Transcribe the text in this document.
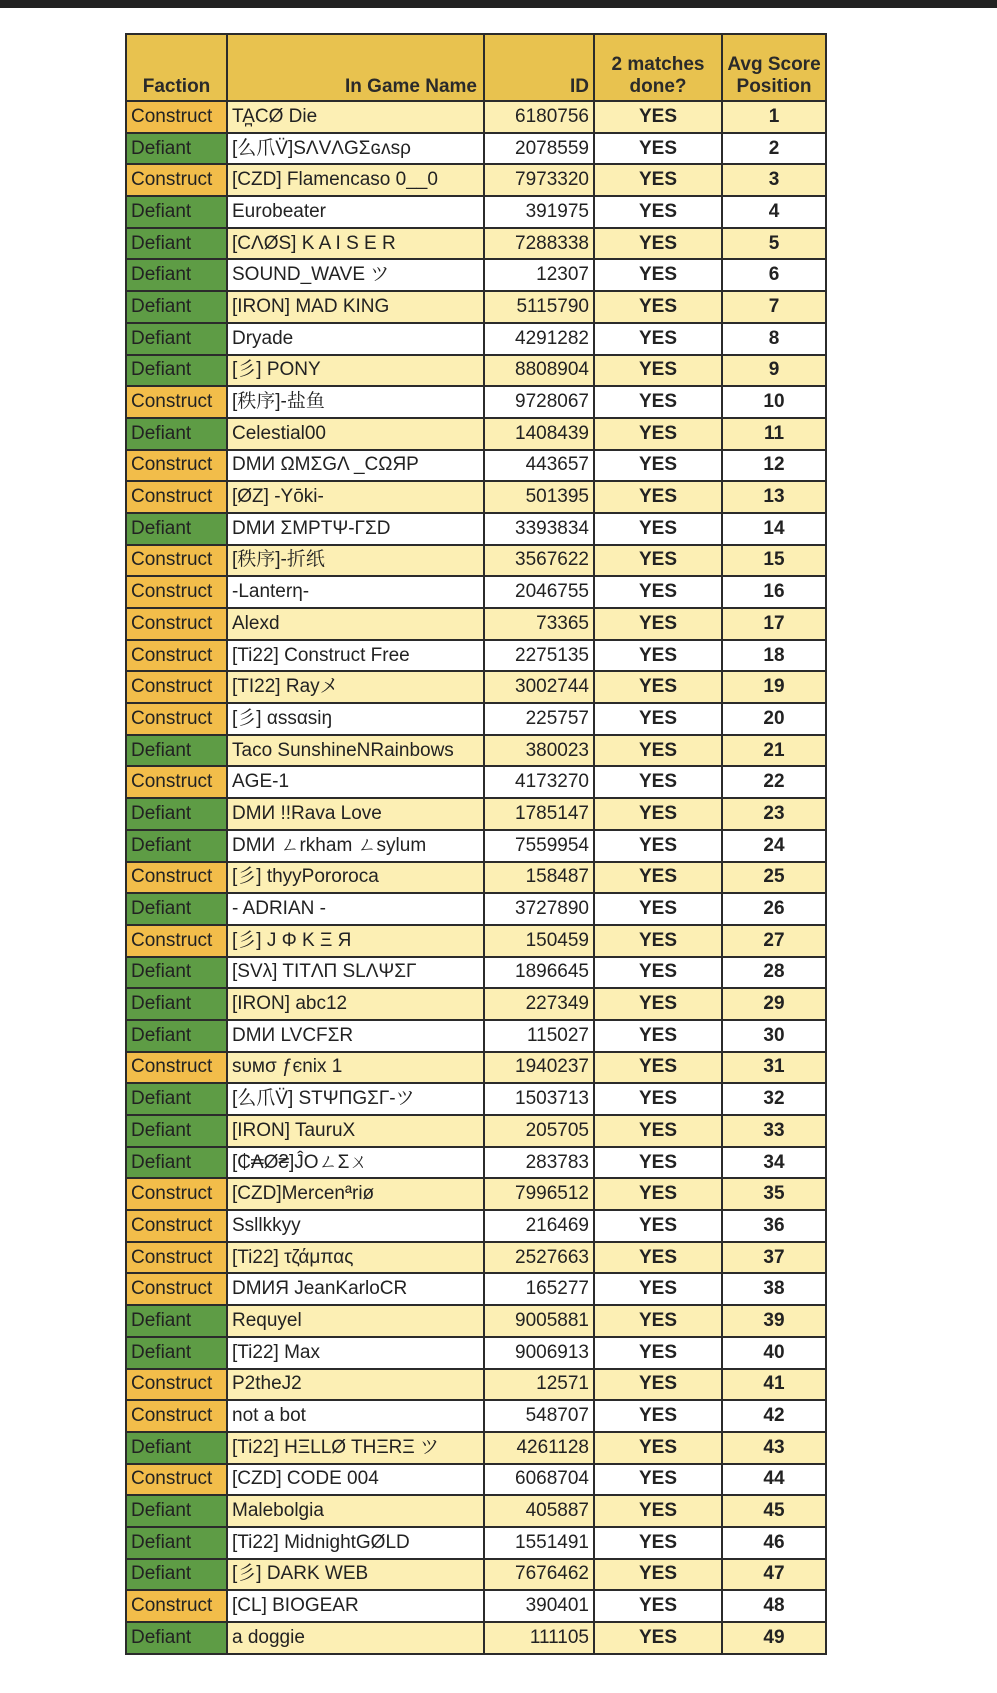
Faction	In Game Name	ID	2 matches done?	Avg Score Position
Construct	TA̪CØ Die	6180756	YES	1
Defiant	[么爪V̈]SΛVΛGΣɢʌsρ	2078559	YES	2
Construct	[CZD] Flamencaso 0__0	7973320	YES	3
Defiant	Eurobeater	391975	YES	4
Defiant	[CΛØS] K A I S E R	7288338	YES	5
Defiant	SOUND_WAVE ツ	12307	YES	6
Defiant	[IRON] MAD KING	5115790	YES	7
Defiant	Dryade	4291282	YES	8
Defiant	[彡] PONY	8808904	YES	9
Construct	[秩序]-盐鱼	9728067	YES	10
Defiant	Celestial00	1408439	YES	11
Construct	DMИ ΩMΣGΛ _CΩЯP	443657	YES	12
Construct	[ØZ] -Yōki-	501395	YES	13
Defiant	DMИ ΣMPTΨ-ΓΣD	3393834	YES	14
Construct	[秩序]-折纸	3567622	YES	15
Construct	-Lanterη-	2046755	YES	16
Construct	Alexd	73365	YES	17
Construct	[Ti22] Construct Free	2275135	YES	18
Construct	[TI22] Rayメ	3002744	YES	19
Construct	[彡] αssαsiŋ	225757	YES	20
Defiant	Taco SunshineNRainbows	380023	YES	21
Construct	AGE-1	4173270	YES	22
Defiant	DMИ !!Rava Love	1785147	YES	23
Defiant	DMИ ㄥrkham ㄥsylum	7559954	YES	24
Construct	[彡] thyyPororoca	158487	YES	25
Defiant	- ADRIAN -	3727890	YES	26
Construct	[彡] J Φ K Ξ Я	150459	YES	27
Defiant	[SVλ] TITΛП SLΛΨΣΓ	1896645	YES	28
Defiant	[IRON] abc12	227349	YES	29
Defiant	DMИ LVCFΣR	115027	YES	30
Construct	sυмσ ƒєnix 1	1940237	YES	31
Defiant	[么爪V̈] STΨПGΣΓ-ツ	1503713	YES	32
Defiant	[IRON] TauruX	205705	YES	33
Defiant	[₵₳Ø₴]ĴOㄥΣㄨ	283783	YES	34
Construct	[CZD]Mercenªriø	7996512	YES	35
Construct	Ssllkkyy	216469	YES	36
Construct	[Ti22] τζάμπας	2527663	YES	37
Construct	DMИЯ JeanKarloCR	165277	YES	38
Defiant	Requyel	9005881	YES	39
Defiant	[Ti22] Max	9006913	YES	40
Construct	P2theJ2	12571	YES	41
Construct	not a bot	548707	YES	42
Defiant	[Ti22] HΞLLØ THΞRΞ ツ	4261128	YES	43
Construct	[CZD] CODE 004	6068704	YES	44
Defiant	Malebolgia	405887	YES	45
Defiant	[Ti22] MidnightGØLD	1551491	YES	46
Defiant	[彡] DARK WEB	7676462	YES	47
Construct	[CL] BIOGEAR	390401	YES	48
Defiant	a doggie	111105	YES	49
